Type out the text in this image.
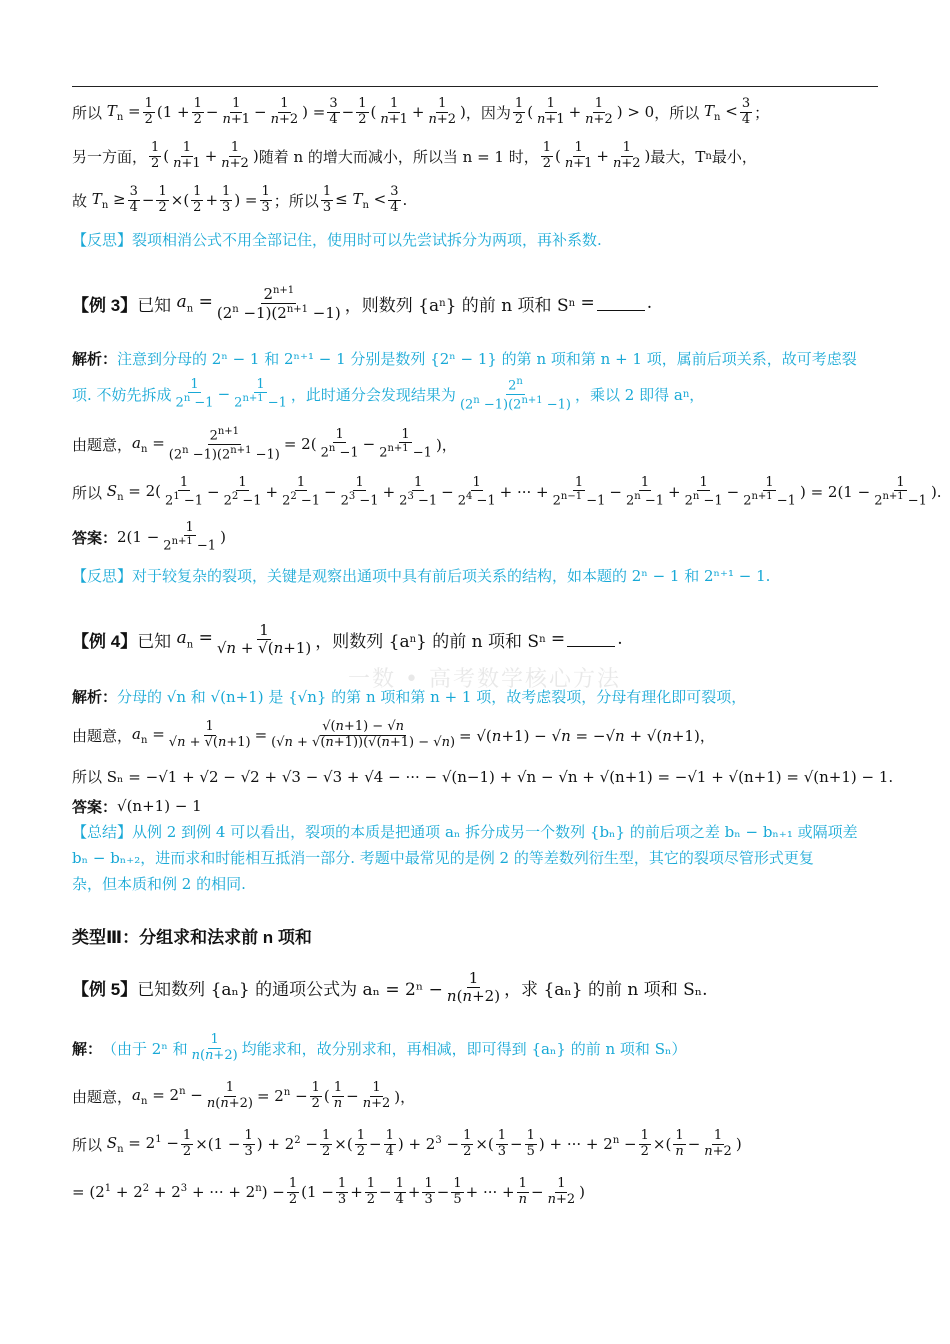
所以 $T_n = \frac{1}{2} (1 + \frac{1}{2} - \frac{1}{n+1} - \frac{1}{n+2}$ ) = $\frac{3}{4} - \frac{1}{2}$ ( $\frac{1}{n+1} + \frac{1}{n+2}$ ) ，因为 $\frac{1}{2}$ ( $\frac{1}{n+1} + \frac{1}{n+2}$ ) > 0 ，所以 $T_n < \frac{3}{4}$ ；
另一方面， $\frac{1}{2}$ ( $\frac{1}{n+1} + \frac{1}{n+2}$ ) 随着 n 的增大而减小，所以当 n = 1 时， $\frac{1}{2}$ ( $\frac{1}{n+1} + \frac{1}{n+2}$ ) 最大，T n 最小，
故 $T_n \ge \frac{3}{4} - \frac{1}{2}$ ×( $\frac{1}{2} + \frac{1}{3}$ ) = $\frac{1}{3}$ ；所以 $\frac{1}{3} \le T_n < \frac{3}{4}$ .
【反思】 裂项相消公式不用全部记住，使用时可以先尝试拆分为两项，再补系数.
【例 3】 已知 $a_n = \frac{2^{n+1}}{(2^n -1)(2^{n+1} -1)}$ ，则数列 {a n } 的前 n 项和 S n =	.
解析： 注意到分母的 2ⁿ − 1 和 2ⁿ⁺¹ − 1 分别是数列 {2ⁿ − 1} 的第 n 项和第 n + 1 项，属前后项关系，故可考虑裂
项. 不妨先拆成 $\frac{1}{2^n -1} - \frac{1}{2^{n+1} -1}$ ，此时通分会发现结果为 $\frac{2^n}{(2^n -1)(2^{n+1} -1)}$ ，乘以 2 即得 a n ，
由题意， $a_n = \frac{2^{n+1}}{(2^n -1)(2^{n+1} -1)} = 2( \frac{1}{2^n -1} - \frac{1}{2^{n+1} -1}$ )，
所以 $S_n = 2( \frac{1}{2^1 -1} - \frac{1}{2^2 -1} + \frac{1}{2^2 -1} - \frac{1}{2^3 -1} + \frac{1}{2^3 -1} - \frac{1}{2^4 -1}$ + ··· + $\frac{1}{2^{n-1} -1} - \frac{1}{2^n -1} + \frac{1}{2^n -1} - \frac{1}{2^{n+1} -1}$ ) = $2(1 - \frac{1}{2^{n+1} -1}$ ).
答案： $2(1 - \frac{1}{2^{n+1} -1}$ )
【反思】 对于较复杂的裂项，关键是观察出通项中具有前后项关系的结构，如本题的 2ⁿ − 1 和 2ⁿ⁺¹ − 1.
【例 4】 已知 $a_n = \frac{1}{√n + √(n+1)}$ ，则数列 {a n } 的前 n 项和 S n =	.
一数 • 高考数学核心方法
解析： 分母的 √n 和 √(n+1) 是 {√n} 的第 n 项和第 n + 1 项，故考虑裂项，分母有理化即可裂项，
由题意， $a_n = \frac{1}{√n + √(n+1)} = \frac{√(n+1) - √n}{(√n + √(n+1))(√(n+1) - √n)} = √(n+1) - √n = -√n + √(n+1)$，
所以 Sₙ = −√1 + √2 − √2 + √3 − √3 + √4 − ··· − √(n−1) + √n − √n + √(n+1) = −√1 + √(n+1) = √(n+1) − 1.
答案： √(n+1) − 1
【总结】 从例 2 到例 4 可以看出，裂项的本质是把通项 aₙ 拆分成另一个数列 {bₙ} 的前后项之差 bₙ − bₙ₊₁ 或隔项差
bₙ − bₙ₊₂，进而求和时能相互抵消一部分. 考题中最常见的是例 2 的等差数列衍生型，其它的裂项尽管形式更复
杂，但本质和例 2 的相同.
类型Ⅲ：分组求和法求前 n 项和
【例 5】 已知数列 {aₙ} 的通项公式为 $a_n = 2^n - \frac{1}{n(n+2)}$ ，求 {aₙ} 的前 n 项和 Sₙ.
解： （由于 2ⁿ 和 $\frac{1}{n(n+2)}$ 均能求和，故分别求和，再相减，即可得到 {aₙ} 的前 n 项和 Sₙ）
由题意， $a_n = 2^n - \frac{1}{n(n+2)} = 2^n - \frac{1}{2}$ ( $\frac{1}{n} - \frac{1}{n+2}$ )，
所以 $S_n = 2^1 - \frac{1}{2} \times(1 - \frac{1}{3}$ ) + $2^2 - \frac{1}{2}$ ×( $\frac{1}{2} - \frac{1}{4}$ ) + $2^3 - \frac{1}{2}$ ×( $\frac{1}{3} - \frac{1}{5}$ ) + ··· + $2^n - \frac{1}{2}$ ×( $\frac{1}{n} - \frac{1}{n+2}$ )
= ($2^1 + 2^2 + 2^3$ + ··· + $2^n) - \frac{1}{2} (1 - \frac{1}{3} + \frac{1}{2} - \frac{1}{4} + \frac{1}{3} - \frac{1}{5}$ + ··· + $\frac{1}{n} - \frac{1}{n+2}$ )
